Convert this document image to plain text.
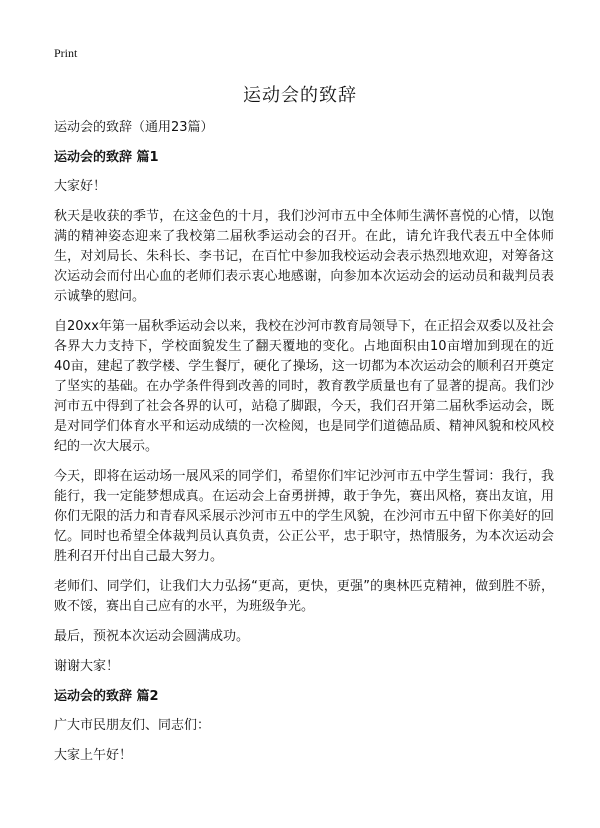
Print
运动会的致辞

运动会的致辞（通用23篇）

运动会的致辞 篇1

大家好！

秋天是收获的季节，在这金色的十月，我们沙河市五中全体师生满怀喜悦的心情，以饱满的精神姿态迎来了我校第二届秋季运动会的召开。在此，请允许我代表五中全体师生，对刘局长、朱科长、李书记，在百忙中参加我校运动会表示热烈地欢迎，对筹备这次运动会而付出心血的老师们表示衷心地感谢，向参加本次运动会的运动员和裁判员表示诚挚的慰问。

自20xx年第一届秋季运动会以来，我校在沙河市教育局领导下，在正招会双委以及社会各界大力支持下，学校面貌发生了翻天覆地的变化。占地面积由10亩增加到现在的近40亩，建起了教学楼、学生餐厅，硬化了操场，这一切都为本次运动会的顺利召开奠定了坚实的基础。在办学条件得到改善的同时，教育教学质量也有了显著的提高。我们沙河市五中得到了社会各界的认可，站稳了脚跟，今天，我们召开第二届秋季运动会，既是对同学们体育水平和运动成绩的一次检阅，也是同学们道德品质、精神风貌和校风校纪的一次大展示。

今天，即将在运动场一展风采的同学们，希望你们牢记沙河市五中学生誓词：我行，我能行，我一定能梦想成真。在运动会上奋勇拼搏，敢于争先，赛出风格，赛出友谊，用你们无限的活力和青春风采展示沙河市五中的学生风貌，在沙河市五中留下你美好的回忆。同时也希望全体裁判员认真负责，公正公平，忠于职守，热情服务，为本次运动会胜利召开付出自己最大努力。

老师们、同学们，让我们大力弘扬“更高，更快，更强”的奥林匹克精神，做到胜不骄，败不馁，赛出自己应有的水平，为班级争光。

最后，预祝本次运动会圆满成功。

谢谢大家！

运动会的致辞 篇2

广大市民朋友们、同志们：

大家上午好！
